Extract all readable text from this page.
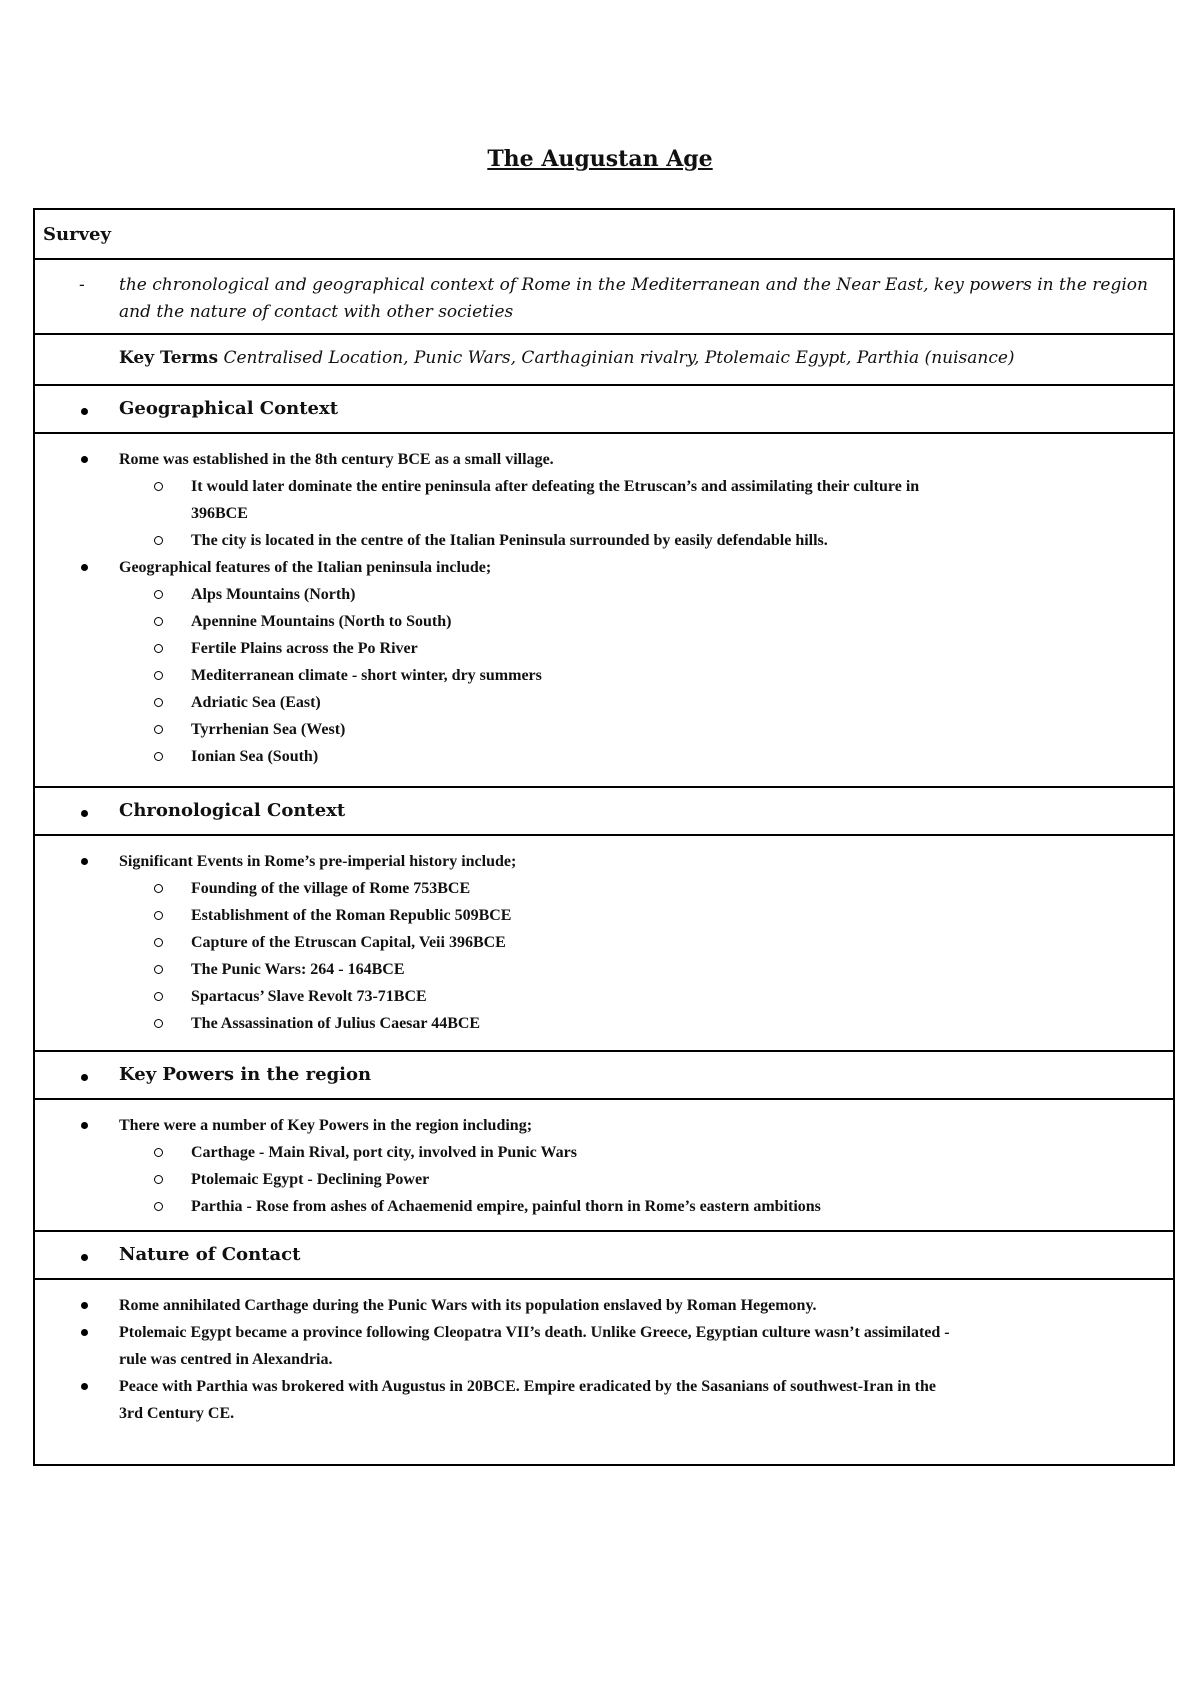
The Augustan Age
Survey
- the chronological and geographical context of Rome in the Mediterranean and the Near East, key powers in the region and the nature of contact with other societies
Key Terms Centralised Location, Punic Wars, Carthaginian rivalry, Ptolemaic Egypt, Parthia (nuisance)
Geographical Context
Rome was established in the 8th century BCE as a small village.
It would later dominate the entire peninsula after defeating the Etruscan’s and assimilating their culture in
396BCE
The city is located in the centre of the Italian Peninsula surrounded by easily defendable hills.
Geographical features of the Italian peninsula include;
Alps Mountains (North)
Apennine Mountains (North to South)
Fertile Plains across the Po River
Mediterranean climate - short winter, dry summers
Adriatic Sea (East)
Tyrrhenian Sea (West)
Ionian Sea (South)
Chronological Context
Significant Events in Rome’s pre-imperial history include;
Founding of the village of Rome 753BCE
Establishment of the Roman Republic 509BCE
Capture of the Etruscan Capital, Veii 396BCE
The Punic Wars: 264 - 164BCE
Spartacus’ Slave Revolt 73-71BCE
The Assassination of Julius Caesar 44BCE
Key Powers in the region
There were a number of Key Powers in the region including;
Carthage - Main Rival, port city, involved in Punic Wars
Ptolemaic Egypt - Declining Power
Parthia - Rose from ashes of Achaemenid empire, painful thorn in Rome’s eastern ambitions
Nature of Contact
Rome annihilated Carthage during the Punic Wars with its population enslaved by Roman Hegemony.
Ptolemaic Egypt became a province following Cleopatra VII’s death. Unlike Greece, Egyptian culture wasn’t assimilated -
rule was centred in Alexandria.
Peace with Parthia was brokered with Augustus in 20BCE. Empire eradicated by the Sasanians of southwest-Iran in the
3rd Century CE.
